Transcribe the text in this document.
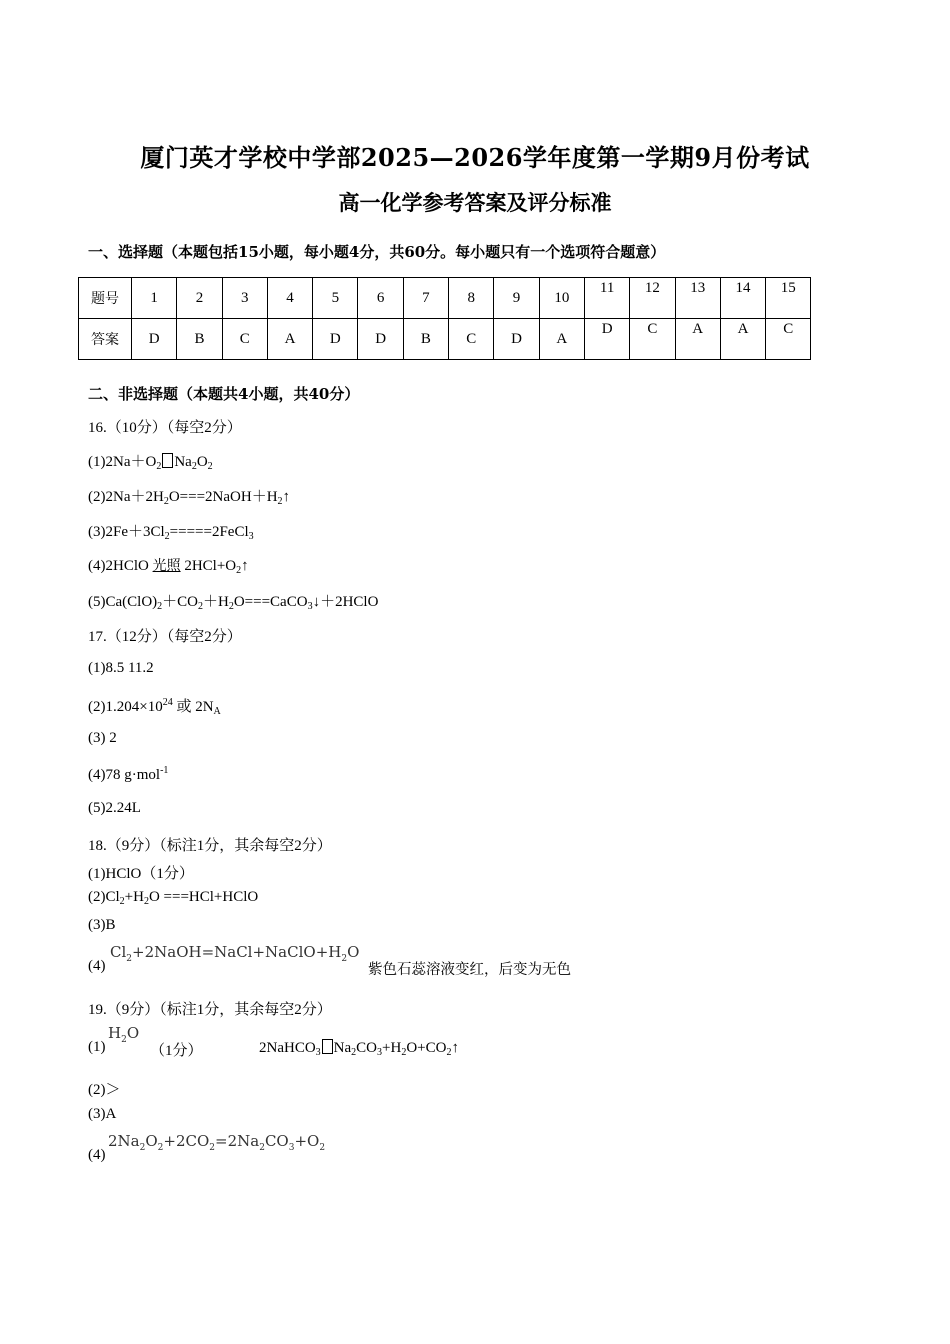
厦门英才学校中学部2025—2026学年度第一学期9月份考试
高一化学参考答案及评分标准
一、选择题（本题包括15小题，每小题4分，共60分。每小题只有一个选项符合题意）
题号	1	2	3	4	5	6	7	8	9	10	11	12	13	14	15
答案	D	B	C	A	D	D	B	C	D	A	D	C	A	A	C
二、非选择题（本题共4小题，共40分）
16.（10分）（每空2分）
$(1)2Na+O_2$ $Na_2O_2$
$(2)2Na+2H_2O===2NaOH+H_2↑$
$(3)2Fe+3Cl_2=====2FeCl_3$
(4)2HClO 光照 $2HCl+O_2↑$
$(5)Ca(ClO)_2+CO_2+H_2O===CaCO_3↓+2HClO$
17.（12分）（每空2分）
(1)8.5 11.2
$(2)1.204\times 10^{24}$ 或 $2N_A$
(3) 2
(4)78 g·mol$^{-1}$
(5)2.24L
18.（9分）（标注1分，其余每空2分）
(1)HClO（1分）
$(2)Cl_2+H_2O$ ===HCl+HClO
(3)B
(4)
$Cl_2+2NaOH=NaCl+NaClO+H_2O$
紫色石蕊溶液变红，后变为无色
19.（9分）（标注1分，其余每空2分）
(1)
$H_2O$
（1分）	2NaHCO$_3$ $Na_2CO_3+H_2O+CO_2↑$
(2)＞
(3)A
(4)
$2Na_2O_2+2CO_2=2Na_2CO_3+O_2$
